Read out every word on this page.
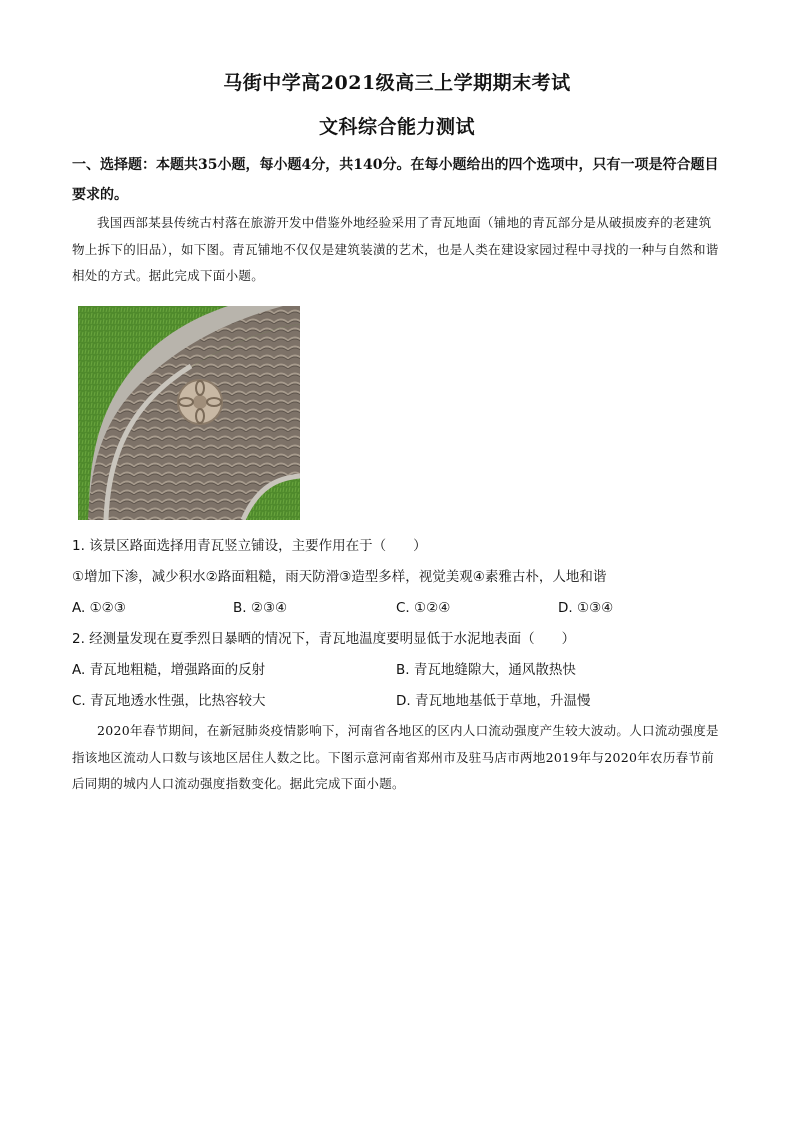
马街中学高2021级高三上学期期末考试
文科综合能力测试
一、选择题：本题共35小题，每小题4分，共140分。在每小题给出的四个选项中，只有一项是符合题目要求的。
我国西部某县传统古村落在旅游开发中借鉴外地经验采用了青瓦地面（铺地的青瓦部分是从破损废弃的老建筑物上拆下的旧品），如下图。青瓦铺地不仅仅是建筑装潢的艺术，也是人类在建设家园过程中寻找的一种与自然和谐相处的方式。据此完成下面小题。
1. 该景区路面选择用青瓦竖立铺设，主要作用在于（　　）
①增加下渗，减少积水②路面粗糙，雨天防滑③造型多样，视觉美观④素雅古朴，人地和谐
A. ①②③	B. ②③④	C. ①②④	D. ①③④
2. 经测量发现在夏季烈日暴晒的情况下，青瓦地温度要明显低于水泥地表面（　　）
A. 青瓦地粗糙，增强路面的反射	B. 青瓦地缝隙大，通风散热快
C. 青瓦地透水性强，比热容较大	D. 青瓦地地基低于草地，升温慢
2020年春节期间，在新冠肺炎疫情影响下，河南省各地区的区内人口流动强度产生较大波动。人口流动强度是指该地区流动人口数与该地区居住人数之比。下图示意河南省郑州市及驻马店市两地2019年与2020年农历春节前后同期的城内人口流动强度指数变化。据此完成下面小题。
